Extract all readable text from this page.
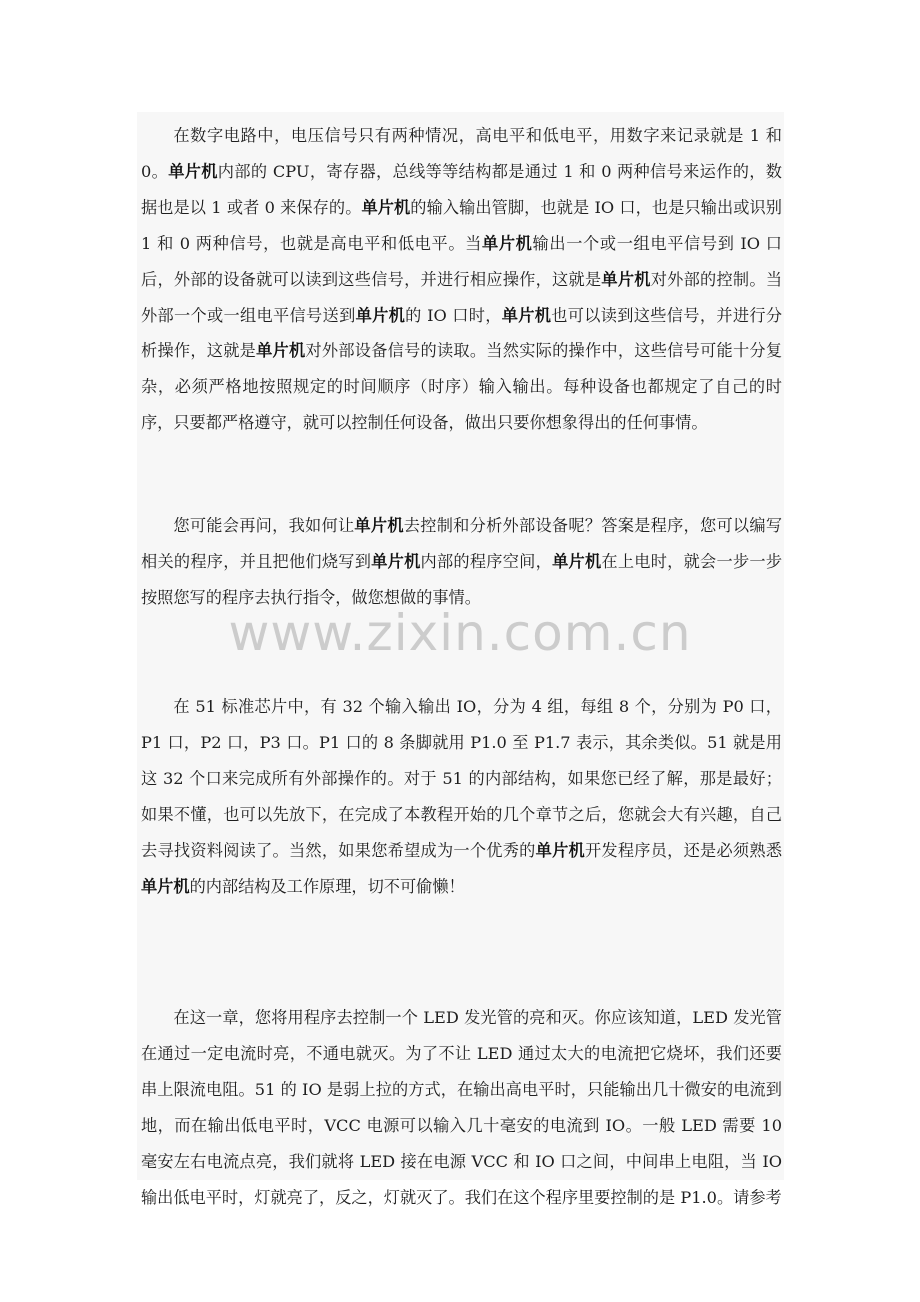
在数字电路中，电压信号只有两种情况，高电平和低电平，用数字来记录就是 1 和 0。单片机内部的 CPU，寄存器，总线等等结构都是通过 1 和 0 两种信号来运作的，数据也是以 1 或者 0 来保存的。单片机的输入输出管脚，也就是 IO 口，也是只输出或识别 1 和 0 两种信号，也就是高电平和低电平。当单片机输出一个或一组电平信号到 IO 口后，外部的设备就可以读到这些信号，并进行相应操作，这就是单片机对外部的控制。当外部一个或一组电平信号送到单片机的 IO 口时，单片机也可以读到这些信号，并进行分析操作，这就是单片机对外部设备信号的读取。当然实际的操作中，这些信号可能十分复杂，必须严格地按照规定的时间顺序（时序）输入输出。每种设备也都规定了自己的时序，只要都严格遵守，就可以控制任何设备，做出只要你想象得出的任何事情。

您可能会再问，我如何让单片机去控制和分析外部设备呢？答案是程序，您可以编写相关的程序，并且把他们烧写到单片机内部的程序空间，单片机在上电时，就会一步一步按照您写的程序去执行指令，做您想做的事情。

在 51 标准芯片中，有 32 个输入输出 IO，分为 4 组，每组 8 个，分别为 P0 口，P1 口，P2 口，P3 口。P1 口的 8 条脚就用 P1.0 至 P1.7 表示，其余类似。51 就是用这 32 个口来完成所有外部操作的。对于 51 的内部结构，如果您已经了解，那是最好；如果不懂，也可以先放下，在完成了本教程开始的几个章节之后，您就会大有兴趣，自己去寻找资料阅读了。当然，如果您希望成为一个优秀的单片机开发程序员，还是必须熟悉单片机的内部结构及工作原理，切不可偷懒！

在这一章，您将用程序去控制一个 LED 发光管的亮和灭。你应该知道，LED 发光管在通过一定电流时亮，不通电就灭。为了不让 LED 通过太大的电流把它烧坏，我们还要串上限流电阻。51 的 IO 是弱上拉的方式，在输出高电平时，只能输出几十微安的电流到地，而在输出低电平时，VCC 电源可以输入几十毫安的电流到 IO。一般 LED 需要 10 毫安左右电流点亮，我们就将 LED 接在电源 VCC 和 IO 口之间，中间串上电阻，当 IO 输出低电平时，灯就亮了，反之，灯就灭了。我们在这个程序里要控制的是 P1.0。请参考

www.zixin.com.cn
